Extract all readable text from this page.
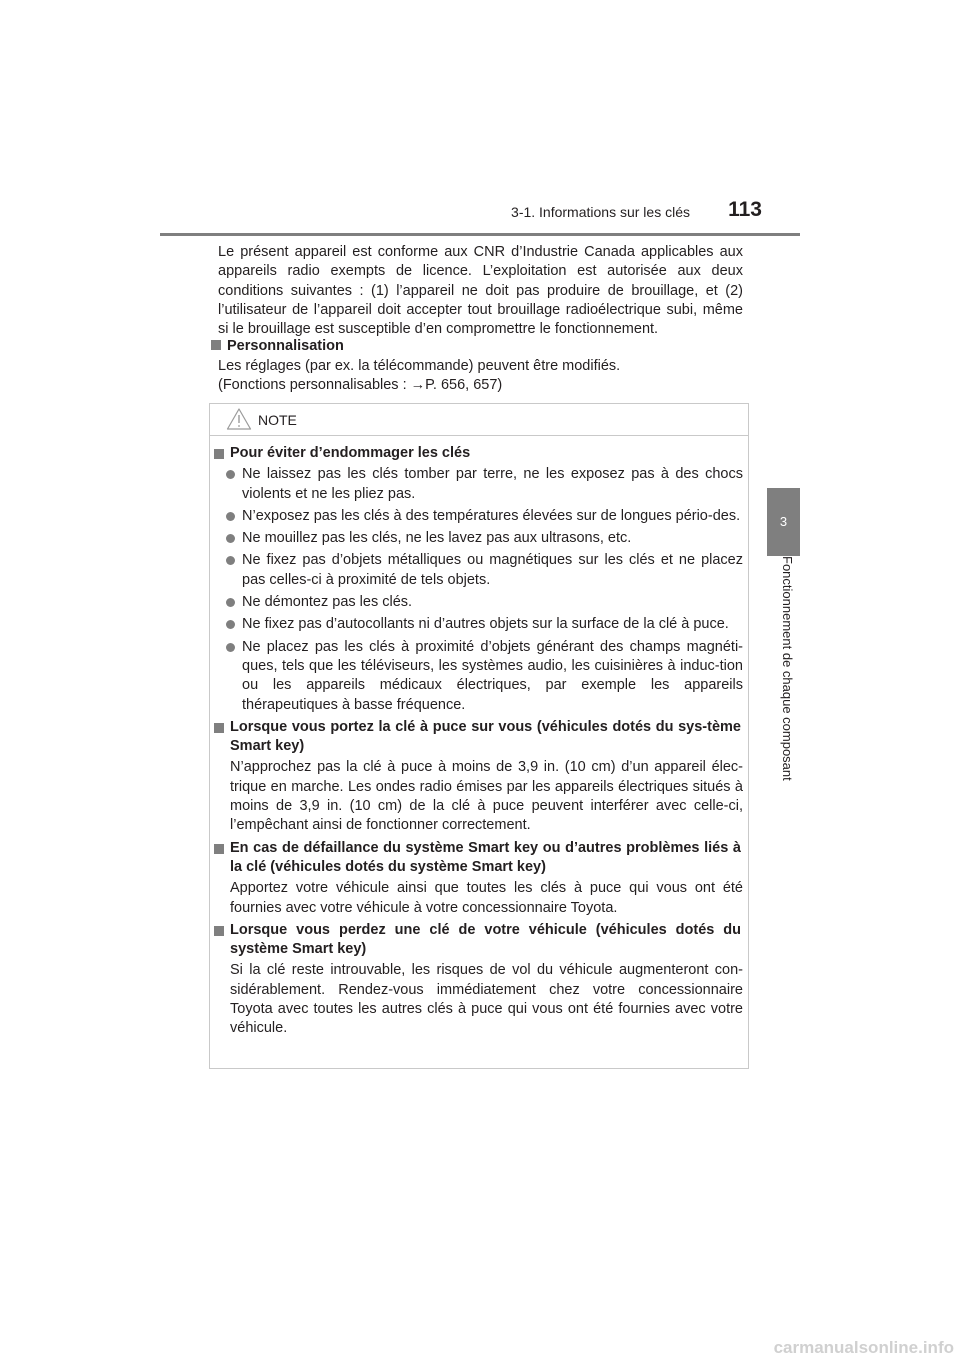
3-1. Informations sur les clés	113
3
Fonctionnement de chaque composant

Le présent appareil est conforme aux CNR d’Industrie Canada applicables aux appareils radio exempts de licence. L’exploitation est autorisée aux deux conditions suivantes : (1) l’appareil ne doit pas produire de brouillage, et (2) l’utilisateur de l’appareil doit accepter tout brouillage radioélectrique subi, même si le brouillage est susceptible d’en compromettre le fonctionnement.

Personnalisation
Les réglages (par ex. la télécommande) peuvent être modifiés.
(Fonctions personnalisables : →P. 656, 657)
NOTE
Pour éviter d’endommager les clés
Ne laissez pas les clés tomber par terre, ne les exposez pas à des chocs violents et ne les pliez pas.
N’exposez pas les clés à des températures élevées sur de longues pério-des.
Ne mouillez pas les clés, ne les lavez pas aux ultrasons, etc.
Ne fixez pas d’objets métalliques ou magnétiques sur les clés et ne placez pas celles-ci à proximité de tels objets.
Ne démontez pas les clés.
Ne fixez pas d’autocollants ni d’autres objets sur la surface de la clé à puce.
Ne placez pas les clés à proximité d’objets générant des champs magnéti-ques, tels que les téléviseurs, les systèmes audio, les cuisinières à induc-tion ou les appareils médicaux électriques, par exemple les appareils thérapeutiques à basse fréquence.
Lorsque vous portez la clé à puce sur vous (véhicules dotés du sys-tème Smart key)

N’approchez pas la clé à puce à moins de 3,9 in. (10 cm) d’un appareil élec-trique en marche. Les ondes radio émises par les appareils électriques situés à moins de 3,9 in. (10 cm) de la clé à puce peuvent interférer avec celle-ci, l’empêchant ainsi de fonctionner correctement.

En cas de défaillance du système Smart key ou d’autres problèmes liés à la clé (véhicules dotés du système Smart key)

Apportez votre véhicule ainsi que toutes les clés à puce qui vous ont été fournies avec votre véhicule à votre concessionnaire Toyota.

Lorsque vous perdez une clé de votre véhicule (véhicules dotés du système Smart key)

Si la clé reste introuvable, les risques de vol du véhicule augmenteront con-sidérablement. Rendez-vous immédiatement chez votre concessionnaire Toyota avec toutes les autres clés à puce qui vous ont été fournies avec votre véhicule.

carmanualsonline.info
